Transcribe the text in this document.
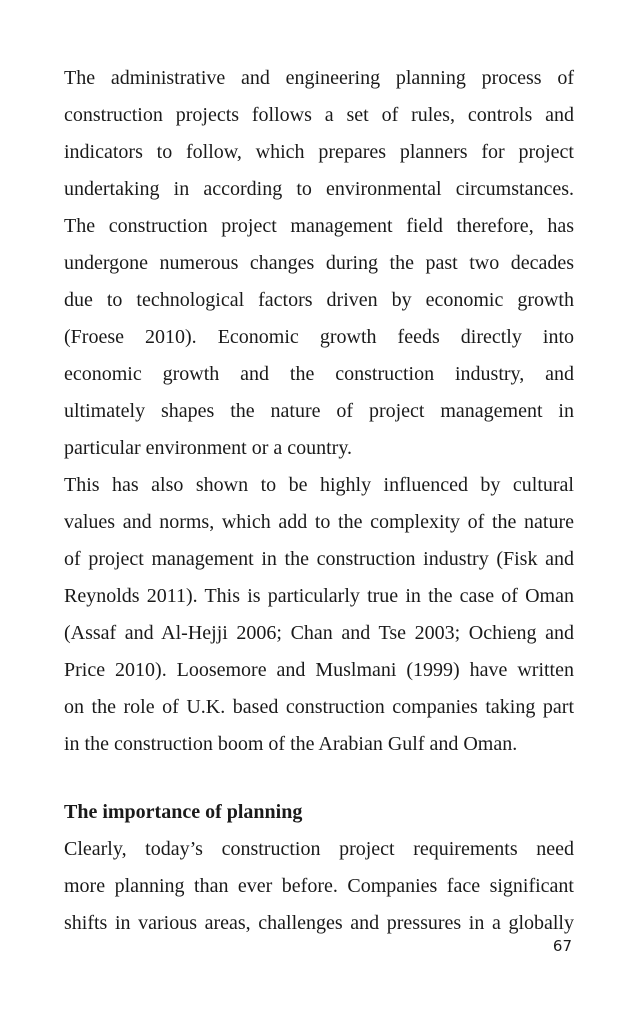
The administrative and engineering planning process of
construction projects follows a set of rules, controls and
indicators to follow, which prepares planners for project
undertaking in according to environmental circumstances.
The construction project management field therefore, has
undergone numerous changes during the past two decades
due to technological factors driven by economic growth
(Froese 2010). Economic growth feeds directly into
economic growth and the construction industry, and
ultimately shapes the nature of project management in
particular environment or a country.
This has also shown to be highly influenced by cultural
values and norms, which add to the complexity of the nature
of project management in the construction industry (Fisk and
Reynolds 2011). This is particularly true in the case of Oman
(Assaf and Al-Hejji 2006; Chan and Tse 2003; Ochieng and
Price 2010). Loosemore and Muslmani (1999) have written
on the role of U.K. based construction companies taking part
in the construction boom of the Arabian Gulf and Oman.
The importance of planning
Clearly, today’s construction project requirements need
more planning than ever before. Companies face significant
shifts in various areas, challenges and pressures in a globally
67
